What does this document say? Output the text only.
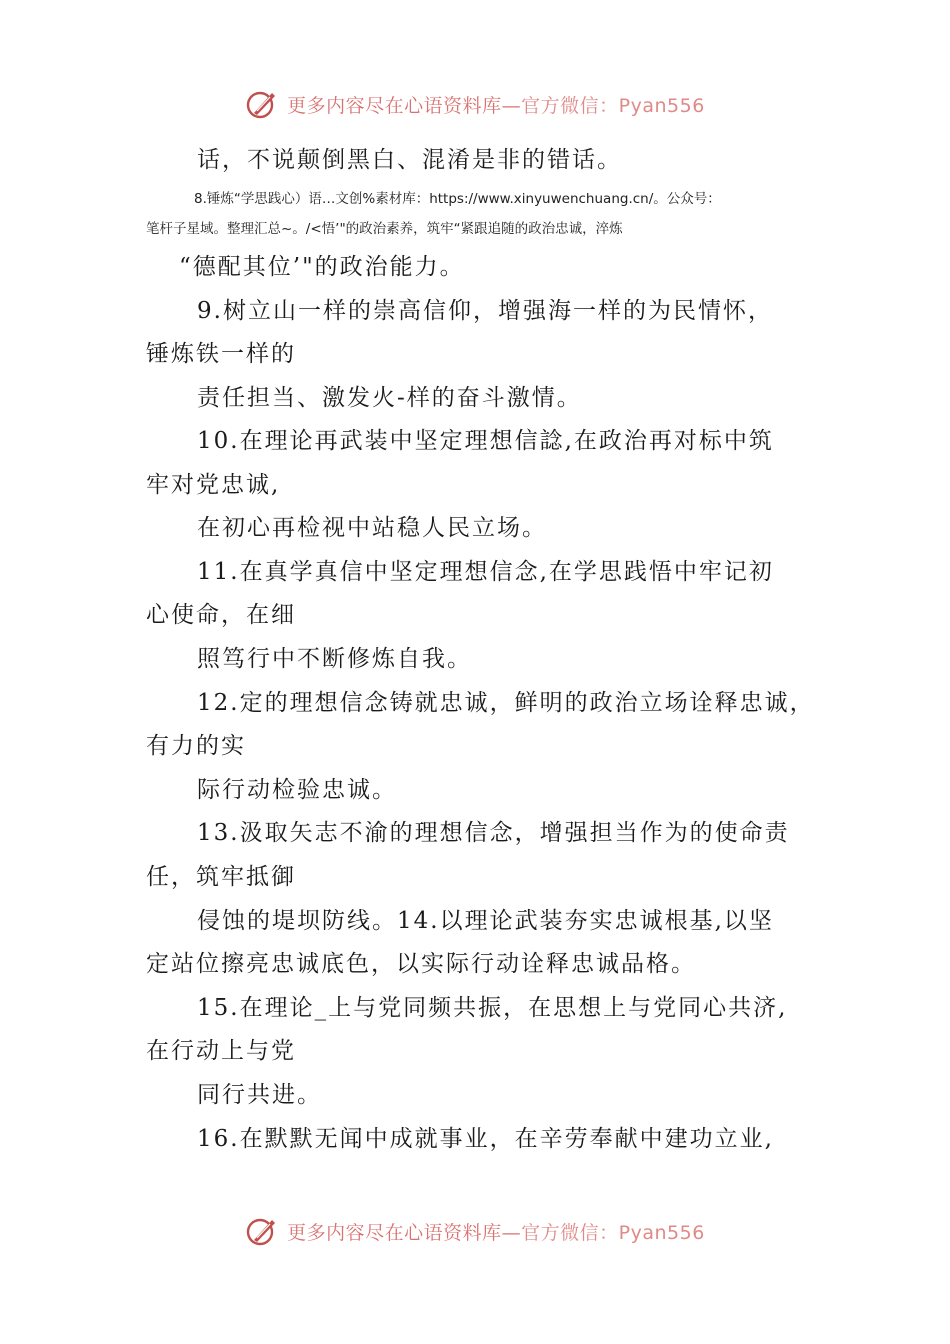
更多内容尽在心语资料库—官方微信：Pyan556
话，不说颠倒黑白、混淆是非的错话。
8.锤炼“学思践心）语…文创%素材库：https://www.xinyuwenchuang.cn/。公众号：
笔杆子星域。整理汇总~。/<悟’"的政治素养，筑牢“紧跟追随的政治忠诚，淬炼
“德配其位’"的政治能力。
9.树立山一样的崇高信仰，增强海一样的为民情怀，
锤炼铁一样的
责任担当、激发火-样的奋斗激情。
10.在理论再武装中坚定理想信諗,在政治再对标中筑
牢对党忠诚,
在初心再检视中站稳人民立场。
11.在真学真信中坚定理想信念,在学思践悟中牢记初
心使命，在细
照笃行中不断修炼自我。
12.定的理想信念铸就忠诚，鲜明的政治立场诠释忠诚，
有力的实
际行动检验忠诚。
13.汲取矢志不渝的理想信念，增强担当作为的使命责
任，筑牢抵御
侵蚀的堤坝防线。14.以理论武装夯实忠诚根基,以坚
定站位擦亮忠诚底色，以实际行动诠释忠诚品格。
15.在理论_上与党同频共振，在思想上与党同心共济,
在行动上与党
同行共进。
16.在默默无闻中成就事业，在辛劳奉献中建功立业,
更多内容尽在心语资料库—官方微信：Pyan556
